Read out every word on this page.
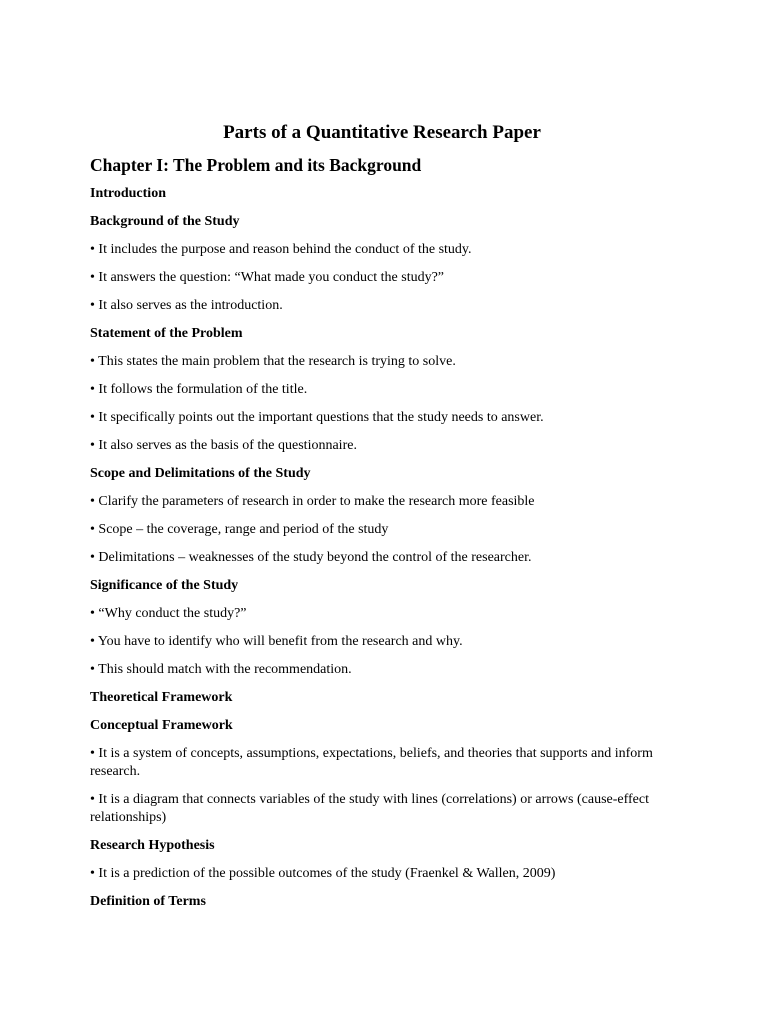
Parts of a Quantitative Research Paper
Chapter I: The Problem and its Background

Introduction

Background of the Study

• It includes the purpose and reason behind the conduct of the study.

• It answers the question: “What made you conduct the study?”

• It also serves as the introduction.

Statement of the Problem

• This states the main problem that the research is trying to solve.

• It follows the formulation of the title.

• It specifically points out the important questions that the study needs to answer.

• It also serves as the basis of the questionnaire.

Scope and Delimitations of the Study

• Clarify the parameters of research in order to make the research more feasible

• Scope – the coverage, range and period of the study

• Delimitations – weaknesses of the study beyond the control of the researcher.

Significance of the Study

• “Why conduct the study?”

• You have to identify who will benefit from the research and why.

• This should match with the recommendation.

Theoretical Framework

Conceptual Framework

• It is a system of concepts, assumptions, expectations, beliefs, and theories that supports and inform research.

• It is a diagram that connects variables of the study with lines (correlations) or arrows (cause-effect relationships)

Research Hypothesis

• It is a prediction of the possible outcomes of the study (Fraenkel & Wallen, 2009)

Definition of Terms
